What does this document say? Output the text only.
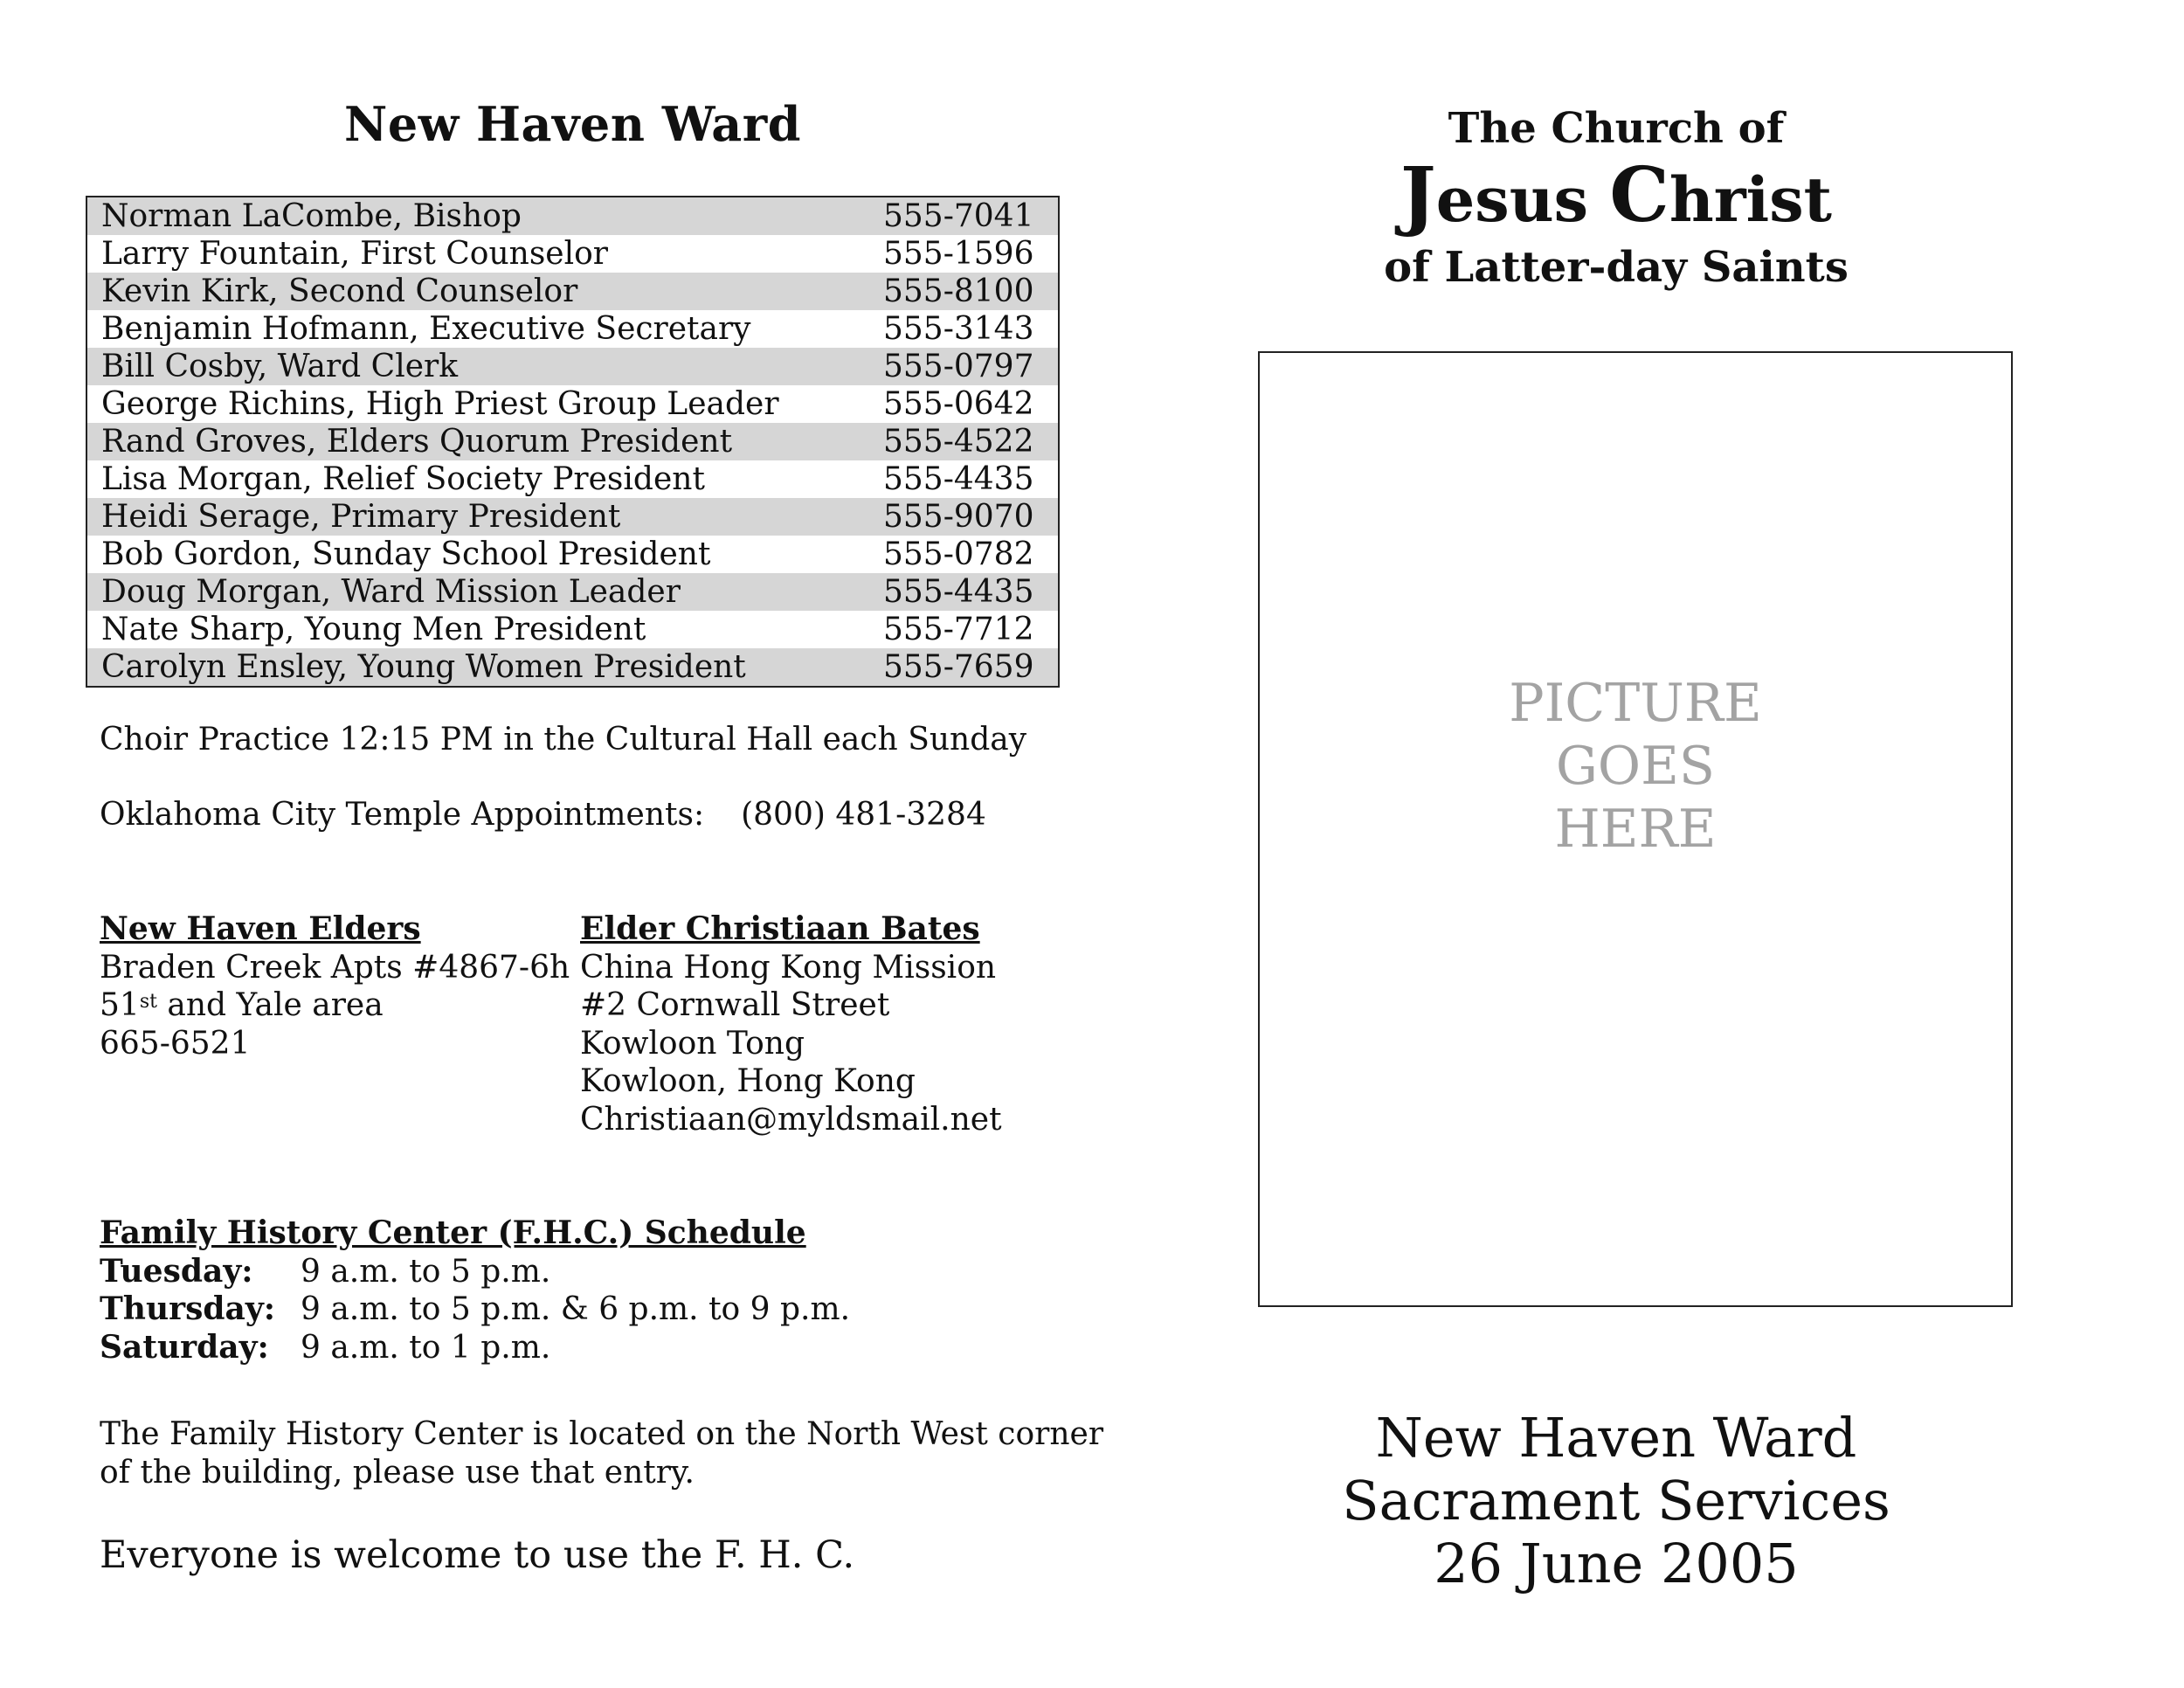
New Haven Ward
Norman LaCombe, Bishop	555-7041
Larry Fountain, First Counselor	555-1596
Kevin Kirk, Second Counselor	555-8100
Benjamin Hofmann, Executive Secretary	555-3143
Bill Cosby, Ward Clerk	555-0797
George Richins, High Priest Group Leader	555-0642
Rand Groves, Elders Quorum President	555-4522
Lisa Morgan, Relief Society President	555-4435
Heidi Serage, Primary President	555-9070
Bob Gordon, Sunday School President	555-0782
Doug Morgan, Ward Mission Leader	555-4435
Nate Sharp, Young Men President	555-7712
Carolyn Ensley, Young Women President	555-7659
Choir Practice 12:15 PM in the Cultural Hall each Sunday
Oklahoma City Temple Appointments: (800) 481-3284
New Haven Elders
Braden Creek Apts #4867-6h
51st and Yale area
665-6521
Elder Christiaan Bates
China Hong Kong Mission
#2 Cornwall Street
Kowloon Tong
Kowloon, Hong Kong
Christiaan@myldsmail.net
Family History Center (F.H.C.) Schedule
Tuesday: 9 a.m. to 5 p.m.
Thursday: 9 a.m. to 5 p.m. & 6 p.m. to 9 p.m.
Saturday: 9 a.m. to 1 p.m.
The Family History Center is located on the North West corner
of the building, please use that entry.
Everyone is welcome to use the F. H. C.
The Church of
Jesus Christ
of Latter-day Saints
PICTURE
GOES
HERE
New Haven Ward
Sacrament Services
26 June 2005
